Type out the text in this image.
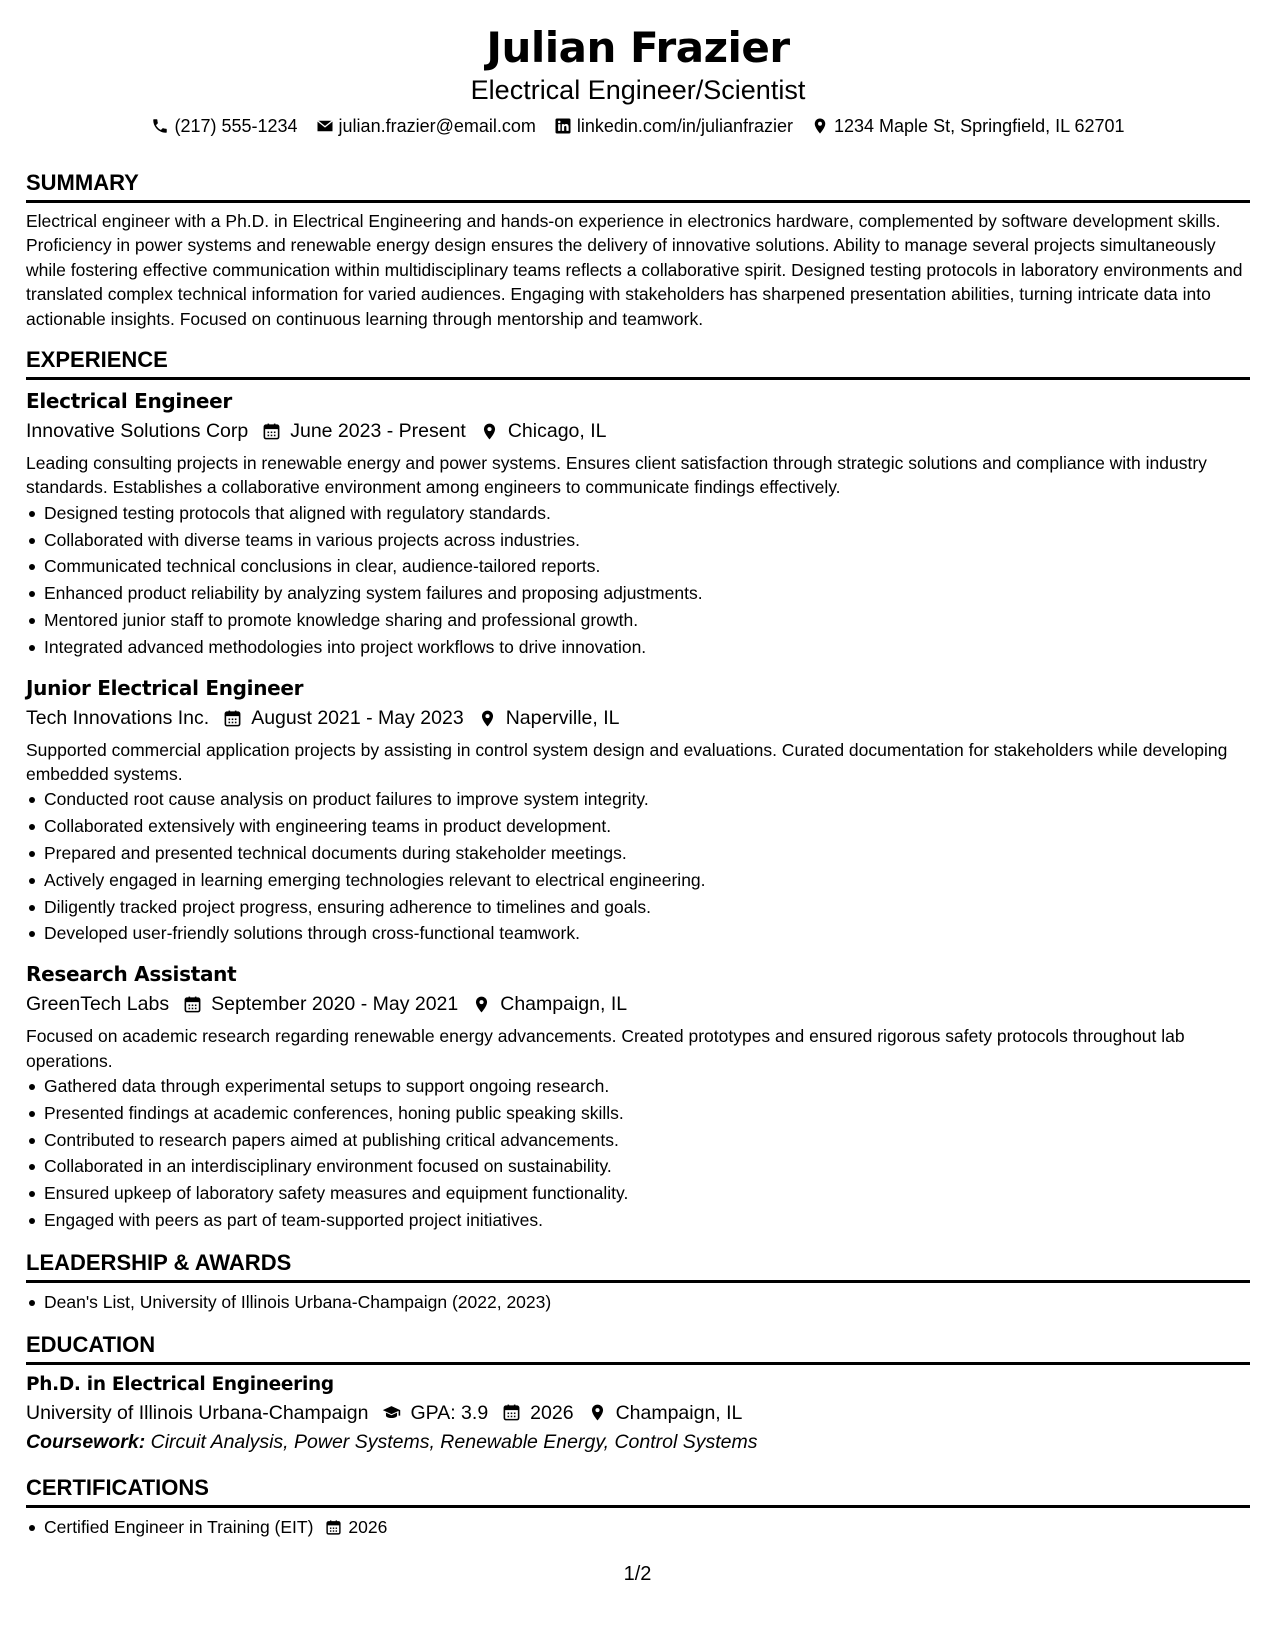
Julian Frazier
Electrical Engineer/Scientist
(217) 555-1234 julian.frazier@email.com linkedin.com/in/julianfrazier 1234 Maple St, Springfield, IL 62701
SUMMARY
Electrical engineer with a Ph.D. in Electrical Engineering and hands-on experience in electronics hardware, complemented by software development skills. Proficiency in power systems and renewable energy design ensures the delivery of innovative solutions. Ability to manage several projects simultaneously while fostering effective communication within multidisciplinary teams reflects a collaborative spirit. Designed testing protocols in laboratory environments and translated complex technical information for varied audiences. Engaging with stakeholders has sharpened presentation abilities, turning intricate data into actionable insights. Focused on continuous learning through mentorship and teamwork.
EXPERIENCE
Electrical Engineer
Innovative Solutions Corp June 2023 - Present Chicago, IL
Leading consulting projects in renewable energy and power systems. Ensures client satisfaction through strategic solutions and compliance with industry standards. Establishes a collaborative environment among engineers to communicate findings effectively.
Designed testing protocols that aligned with regulatory standards.
Collaborated with diverse teams in various projects across industries.
Communicated technical conclusions in clear, audience-tailored reports.
Enhanced product reliability by analyzing system failures and proposing adjustments.
Mentored junior staff to promote knowledge sharing and professional growth.
Integrated advanced methodologies into project workflows to drive innovation.
Junior Electrical Engineer
Tech Innovations Inc. August 2021 - May 2023 Naperville, IL
Supported commercial application projects by assisting in control system design and evaluations. Curated documentation for stakeholders while developing embedded systems.
Conducted root cause analysis on product failures to improve system integrity.
Collaborated extensively with engineering teams in product development.
Prepared and presented technical documents during stakeholder meetings.
Actively engaged in learning emerging technologies relevant to electrical engineering.
Diligently tracked project progress, ensuring adherence to timelines and goals.
Developed user-friendly solutions through cross-functional teamwork.
Research Assistant
GreenTech Labs September 2020 - May 2021 Champaign, IL
Focused on academic research regarding renewable energy advancements. Created prototypes and ensured rigorous safety protocols throughout lab operations.
Gathered data through experimental setups to support ongoing research.
Presented findings at academic conferences, honing public speaking skills.
Contributed to research papers aimed at publishing critical advancements.
Collaborated in an interdisciplinary environment focused on sustainability.
Ensured upkeep of laboratory safety measures and equipment functionality.
Engaged with peers as part of team-supported project initiatives.
LEADERSHIP & AWARDS
Dean's List, University of Illinois Urbana-Champaign (2022, 2023)
EDUCATION
Ph.D. in Electrical Engineering
University of Illinois Urbana-Champaign GPA: 3.9 2026 Champaign, IL
Coursework: Circuit Analysis, Power Systems, Renewable Energy, Control Systems
CERTIFICATIONS
Certified Engineer in Training (EIT) 2026
1/2
